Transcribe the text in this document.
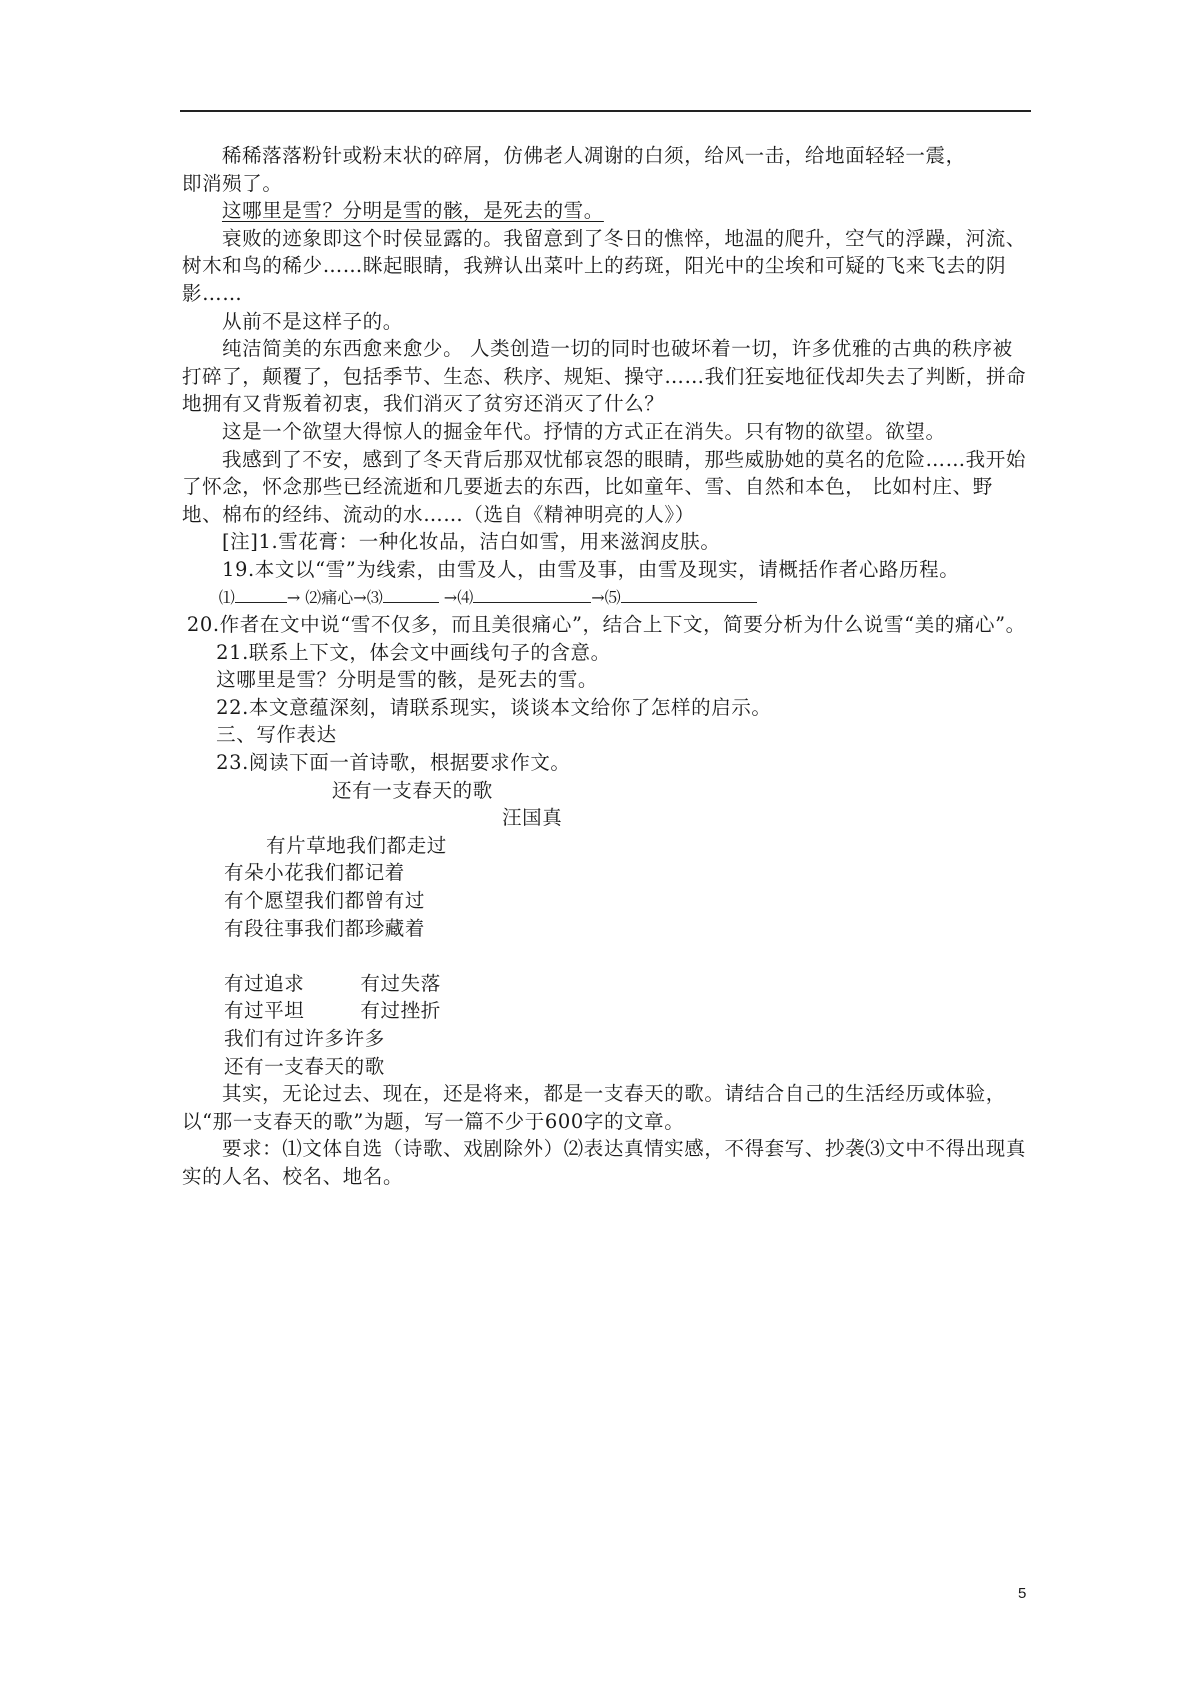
稀稀落落粉针或粉末状的碎屑，仿佛老人凋谢的白须，给风一击，给地面轻轻一震，

即消殒了。

这哪里是雪？分明是雪的骸，是死去的雪。

衰败的迹象即这个时侯显露的。我留意到了冬日的憔悴，地温的爬升，空气的浮躁，河流、树木和鸟的稀少……眯起眼睛，我辨认出菜叶上的药斑，阳光中的尘埃和可疑的飞来飞去的阴影……

从前不是这样子的。

纯洁简美的东西愈来愈少。 人类创造一切的同时也破坏着一切，许多优雅的古典的秩序被打碎了，颠覆了，包括季节、生态、秩序、规矩、操守……我们狂妄地征伐却失去了判断，拼命地拥有又背叛着初衷，我们消灭了贫穷还消灭了什么？

这是一个欲望大得惊人的掘金年代。抒情的方式正在消失。只有物的欲望。欲望。

我感到了不安，感到了冬天背后那双忧郁哀怨的眼睛，那些威胁她的莫名的危险……我开始了怀念，怀念那些已经流逝和几要逝去的东西，比如童年、雪、自然和本色， 比如村庄、野地、棉布的经纬、流动的水……（选自《精神明亮的人》）

[注]1.雪花膏：一种化妆品，洁白如雪，用来滋润皮肤。

19.本文以“雪”为线索，由雪及人，由雪及事，由雪及现实，请概括作者心路历程。

⑴	→ ⑵痛心→⑶	→⑷	→⑸

20.作者在文中说“雪不仅多，而且美很痛心”，结合上下文，简要分析为什么说雪“美的痛心”。

21.联系上下文，体会文中画线句子的含意。

这哪里是雪？分明是雪的骸，是死去的雪。

22.本文意蕴深刻，请联系现实，谈谈本文给你了怎样的启示。

三、写作表达

23.阅读下面一首诗歌，根据要求作文。

还有一支春天的歌

汪国真

有片草地我们都走过

有朵小花我们都记着

有个愿望我们都曾有过

有段往事我们都珍藏着

有过追求	有过失落

有过平坦	有过挫折

我们有过许多许多

还有一支春天的歌

其实，无论过去、现在，还是将来，都是一支春天的歌。请结合自己的生活经历或体验，以“那一支春天的歌”为题，写一篇不少于600字的文章。

要求：⑴文体自选（诗歌、戏剧除外）⑵表达真情实感，不得套写、抄袭⑶文中不得出现真实的人名、校名、地名。

5
